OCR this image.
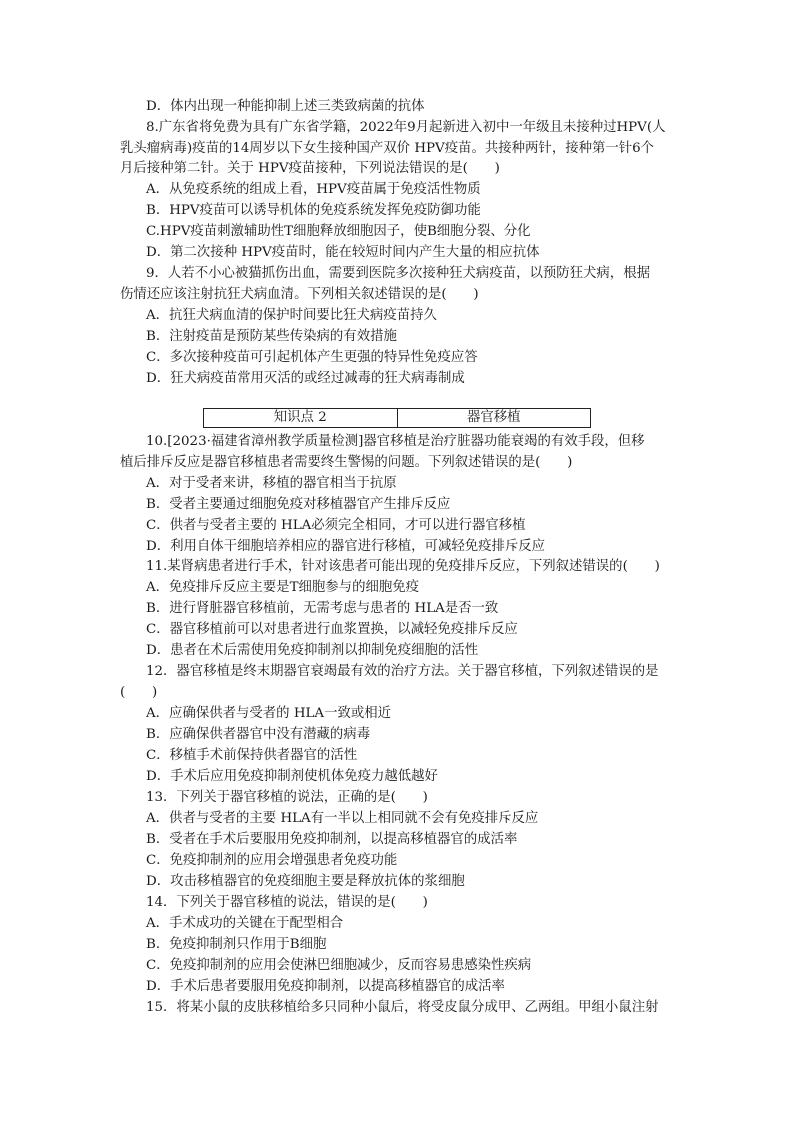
D．体内出现一种能抑制上述三类致病菌的抗体
8.广东省将免费为具有广东省学籍，2022年9月起新进入初中一年级且未接种过HPV(人
乳头瘤病毒)疫苗的14周岁以下女生接种国产双价 HPV疫苗。共接种两针，接种第一针6个
月后接种第二针。关于 HPV疫苗接种，下列说法错误的是(　　)
A．从免疫系统的组成上看，HPV疫苗属于免疫活性物质
B．HPV疫苗可以诱导机体的免疫系统发挥免疫防御功能
C.HPV疫苗刺激辅助性T细胞释放细胞因子，使B细胞分裂、分化
D．第二次接种 HPV疫苗时，能在较短时间内产生大量的相应抗体
9．人若不小心被猫抓伤出血，需要到医院多次接种狂犬病疫苗，以预防狂犬病，根据
伤情还应该注射抗狂犬病血清。下列相关叙述错误的是(　　)
A．抗狂犬病血清的保护时间要比狂犬病疫苗持久
B．注射疫苗是预防某些传染病的有效措施
C．多次接种疫苗可引起机体产生更强的特异性免疫应答
D．狂犬病疫苗常用灭活的或经过减毒的狂犬病毒制成
知识点 2	器官移植
10.[2023·福建省漳州教学质量检测]器官移植是治疗脏器功能衰竭的有效手段，但移
植后排斥反应是器官移植患者需要终生警惕的问题。下列叙述错误的是(　　)
A．对于受者来讲，移植的器官相当于抗原
B．受者主要通过细胞免疫对移植器官产生排斥反应
C．供者与受者主要的 HLA必须完全相同，才可以进行器官移植
D．利用自体干细胞培养相应的器官进行移植，可减轻免疫排斥反应
11.某肾病患者进行手术，针对该患者可能出现的免疫排斥反应，下列叙述错误的(　　)
A．免疫排斥反应主要是T细胞参与的细胞免疫
B．进行肾脏器官移植前，无需考虑与患者的 HLA是否一致
C．器官移植前可以对患者进行血浆置换，以减轻免疫排斥反应
D．患者在术后需使用免疫抑制剂以抑制免疫细胞的活性
12．器官移植是终末期器官衰竭最有效的治疗方法。关于器官移植，下列叙述错误的是
(　　)
A．应确保供者与受者的 HLA一致或相近
B．应确保供者器官中没有潜藏的病毒
C．移植手术前保持供者器官的活性
D．手术后应用免疫抑制剂使机体免疫力越低越好
13．下列关于器官移植的说法，正确的是(　　)
A．供者与受者的主要 HLA有一半以上相同就不会有免疫排斥反应
B．受者在手术后要服用免疫抑制剂，以提高移植器官的成活率
C．免疫抑制剂的应用会增强患者免疫功能
D．攻击移植器官的免疫细胞主要是释放抗体的浆细胞
14．下列关于器官移植的说法，错误的是(　　)
A．手术成功的关键在于配型相合
B．免疫抑制剂只作用于B细胞
C．免疫抑制剂的应用会使淋巴细胞减少，反而容易患感染性疾病
D．手术后患者要服用免疫抑制剂，以提高移植器官的成活率
15．将某小鼠的皮肤移植给多只同种小鼠后，将受皮鼠分成甲、乙两组。甲组小鼠注射
